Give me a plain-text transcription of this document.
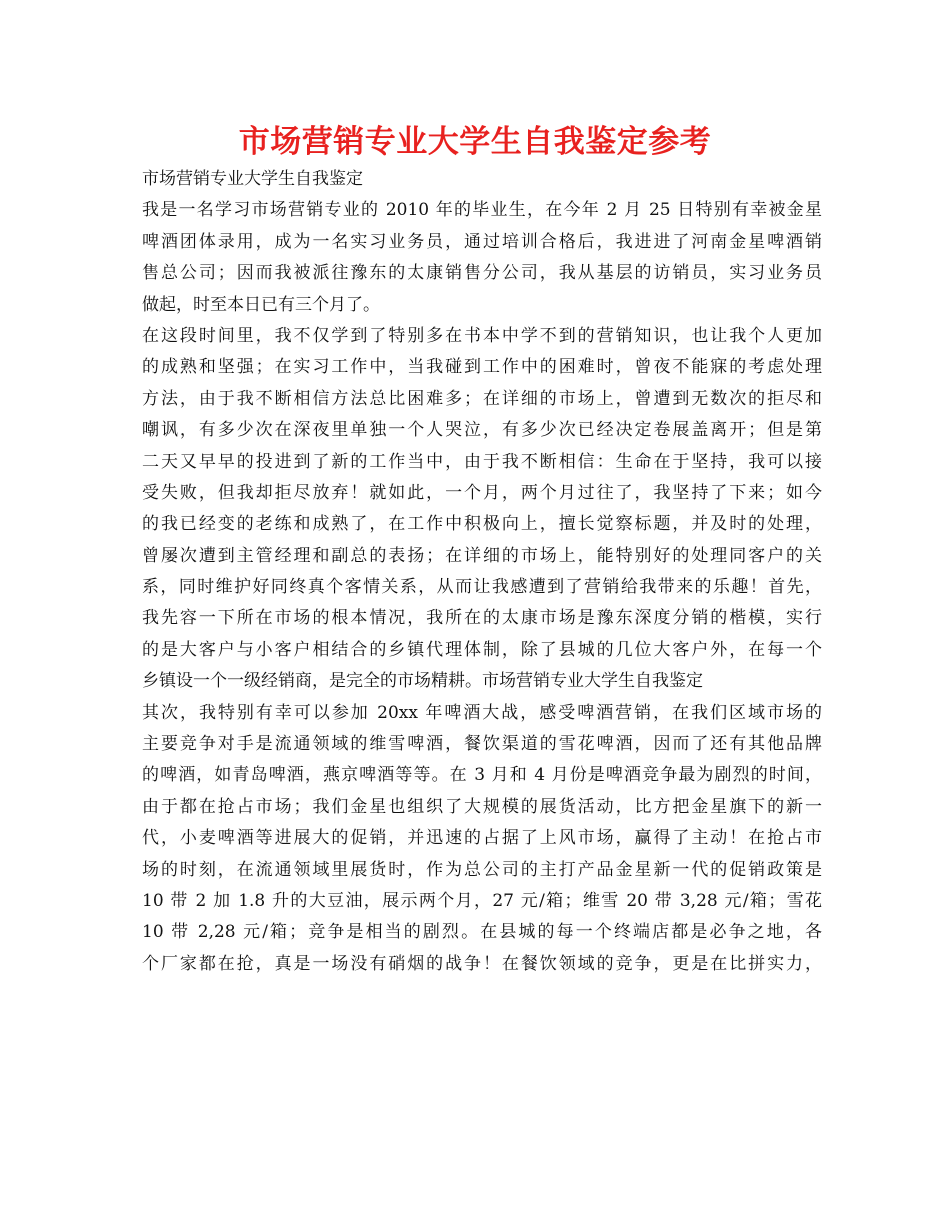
市场营销专业大学生自我鉴定参考
市场营销专业大学生自我鉴定
我是一名学习市场营销专业的 2010 年的毕业生，在今年 2 月 25 日特别有幸被金星
啤酒团体录用，成为一名实习业务员，通过培训合格后，我进进了河南金星啤酒销
售总公司；因而我被派往豫东的太康销售分公司，我从基层的访销员，实习业务员
做起，时至本日已有三个月了。
在这段时间里，我不仅学到了特别多在书本中学不到的营销知识，也让我个人更加
的成熟和坚强；在实习工作中，当我碰到工作中的困难时，曾夜不能寐的考虑处理
方法，由于我不断相信方法总比困难多；在详细的市场上，曾遭到无数次的拒尽和
嘲讽，有多少次在深夜里单独一个人哭泣，有多少次已经决定卷展盖离开；但是第
二天又早早的投进到了新的工作当中，由于我不断相信：生命在于坚持，我可以接
受失败，但我却拒尽放弃！就如此，一个月，两个月过往了，我坚持了下来；如今
的我已经变的老练和成熟了，在工作中积极向上，擅长觉察标题，并及时的处理，
曾屡次遭到主管经理和副总的表扬；在详细的市场上，能特别好的处理同客户的关
系，同时维护好同终真个客情关系，从而让我感遭到了营销给我带来的乐趣！首先，
我先容一下所在市场的根本情况，我所在的太康市场是豫东深度分销的楷模，实行
的是大客户与小客户相结合的乡镇代理体制，除了县城的几位大客户外，在每一个
乡镇设一个一级经销商，是完全的市场精耕。市场营销专业大学生自我鉴定
其次，我特别有幸可以参加 20xx 年啤酒大战，感受啤酒营销，在我们区域市场的
主要竞争对手是流通领域的维雪啤酒，餐饮渠道的雪花啤酒，因而了还有其他品牌
的啤酒，如青岛啤酒，燕京啤酒等等。在 3 月和 4 月份是啤酒竞争最为剧烈的时间，
由于都在抢占市场；我们金星也组织了大规模的展货活动，比方把金星旗下的新一
代，小麦啤酒等进展大的促销，并迅速的占据了上风市场，赢得了主动！在抢占市
场的时刻，在流通领域里展货时，作为总公司的主打产品金星新一代的促销政策是
10 带 2 加 1.8 升的大豆油，展示两个月，27 元/箱；维雪 20 带 3,28 元/箱；雪花
10 带 2,28 元/箱；竞争是相当的剧烈。在县城的每一个终端店都是必争之地，各
个厂家都在抢，真是一场没有硝烟的战争！在餐饮领域的竞争，更是在比拼实力，
